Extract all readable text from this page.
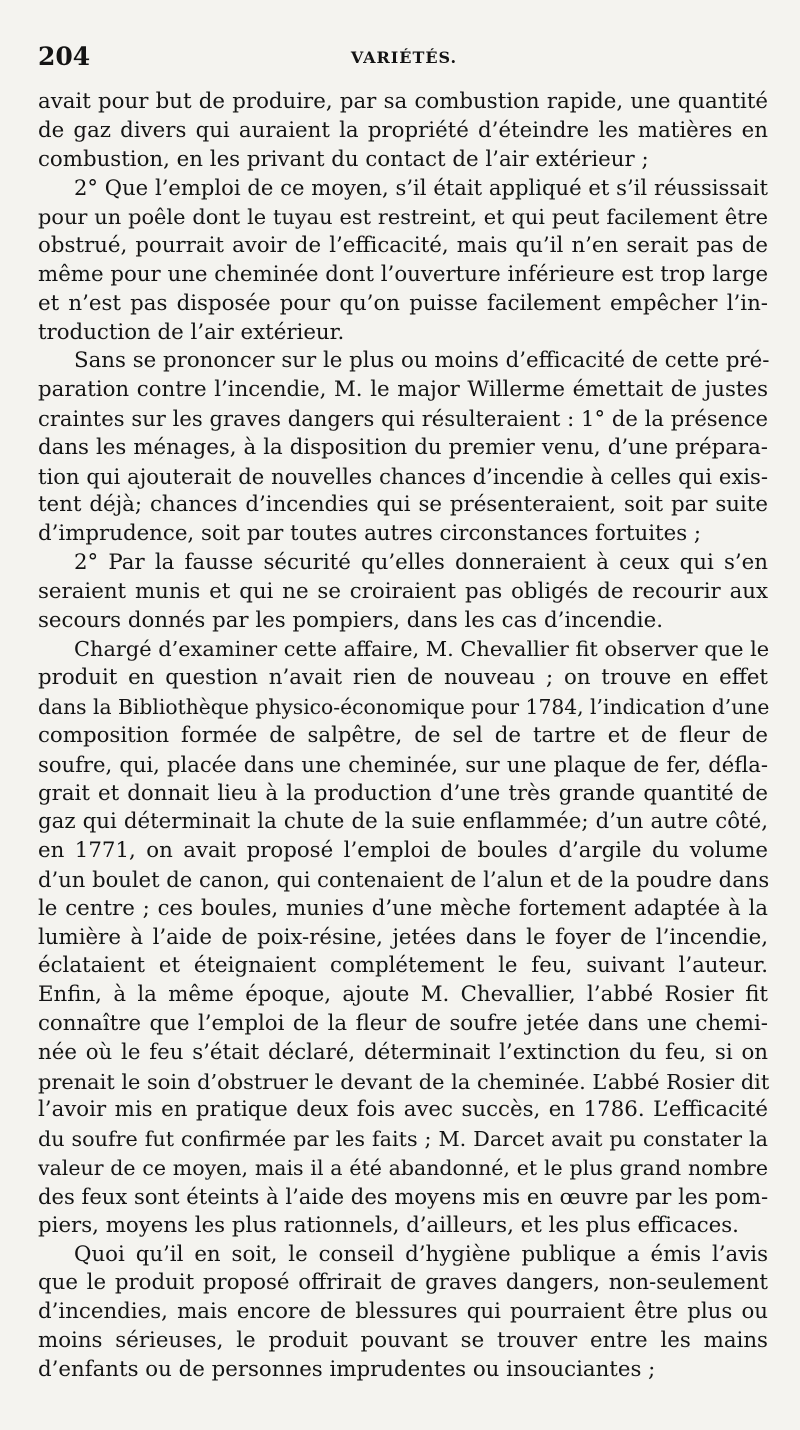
204	VARIÉTÉS.
avait pour but de produire, par sa combustion rapide, une quantité
de gaz divers qui auraient la propriété d’éteindre les matières en
combustion, en les privant du contact de l’air extérieur ;
2° Que l’emploi de ce moyen, s’il était appliqué et s’il réussissait
pour un poêle dont le tuyau est restreint, et qui peut facilement être
obstrué, pourrait avoir de l’efficacité, mais qu’il n’en serait pas de
même pour une cheminée dont l’ouverture inférieure est trop large
et n’est pas disposée pour qu’on puisse facilement empêcher l’in-
troduction de l’air extérieur.
Sans se prononcer sur le plus ou moins d’efficacité de cette pré-
paration contre l’incendie, M. le major Willerme émettait de justes
craintes sur les graves dangers qui résulteraient : 1° de la présence
dans les ménages, à la disposition du premier venu, d’une prépara-
tion qui ajouterait de nouvelles chances d’incendie à celles qui exis-
tent déjà; chances d’incendies qui se présenteraient, soit par suite
d’imprudence, soit par toutes autres circonstances fortuites ;
2° Par la fausse sécurité qu’elles donneraient à ceux qui s’en
seraient munis et qui ne se croiraient pas obligés de recourir aux
secours donnés par les pompiers, dans les cas d’incendie.
Chargé d’examiner cette affaire, M. Chevallier fit observer que le
produit en question n’avait rien de nouveau ; on trouve en effet
dans la Bibliothèque physico-économique pour 1784, l’indication d’une
composition formée de salpêtre, de sel de tartre et de fleur de
soufre, qui, placée dans une cheminée, sur une plaque de fer, défla-
grait et donnait lieu à la production d’une très grande quantité de
gaz qui déterminait la chute de la suie enflammée; d’un autre côté,
en 1771, on avait proposé l’emploi de boules d’argile du volume
d’un boulet de canon, qui contenaient de l’alun et de la poudre dans
le centre ; ces boules, munies d’une mèche fortement adaptée à la
lumière à l’aide de poix-résine, jetées dans le foyer de l’incendie,
éclataient et éteignaient complétement le feu, suivant l’auteur.
Enfin, à la même époque, ajoute M. Chevallier, l’abbé Rosier fit
connaître que l’emploi de la fleur de soufre jetée dans une chemi-
née où le feu s’était déclaré, déterminait l’extinction du feu, si on
prenait le soin d’obstruer le devant de la cheminée. L’abbé Rosier dit
l’avoir mis en pratique deux fois avec succès, en 1786. L’efficacité
du soufre fut confirmée par les faits ; M. Darcet avait pu constater la
valeur de ce moyen, mais il a été abandonné, et le plus grand nombre
des feux sont éteints à l’aide des moyens mis en œuvre par les pom-
piers, moyens les plus rationnels, d’ailleurs, et les plus efficaces.
Quoi qu’il en soit, le conseil d’hygiène publique a émis l’avis
que le produit proposé offrirait de graves dangers, non-seulement
d’incendies, mais encore de blessures qui pourraient être plus ou
moins sérieuses, le produit pouvant se trouver entre les mains
d’enfants ou de personnes imprudentes ou insouciantes ;
